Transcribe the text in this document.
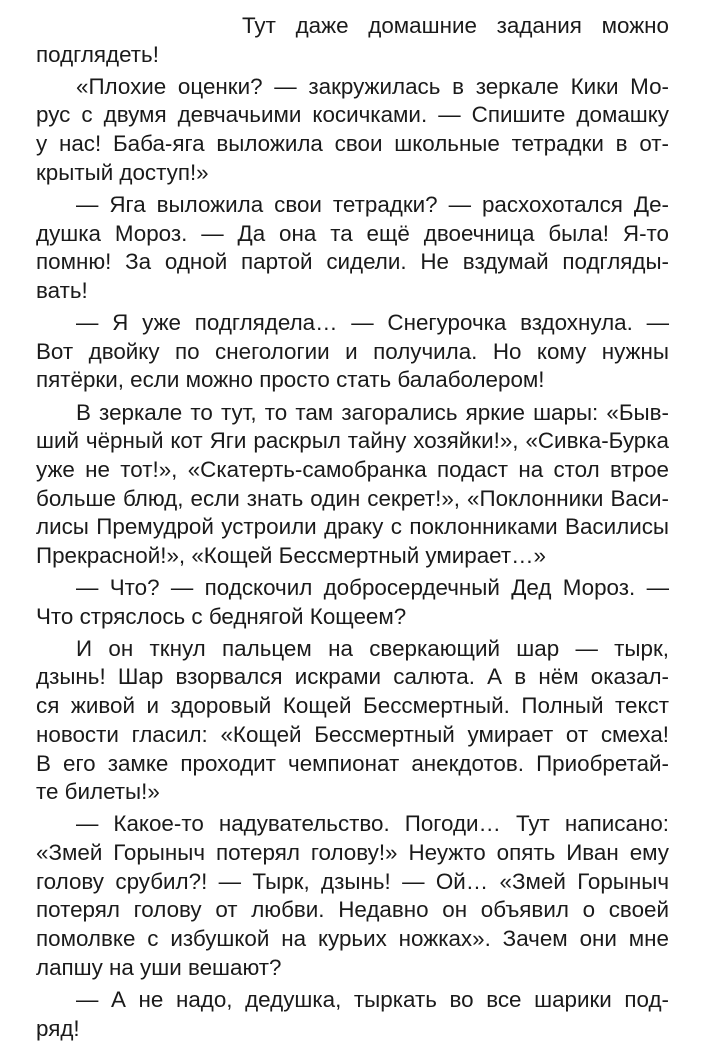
Тут даже домашние задания можно
подглядеть!
«Плохие оценки? — закружилась в зеркале Кики Мо-
рус с двумя девчачьими косичками. — Спишите домашку
у нас! Баба-яга выложила свои школьные тетрадки в от-
крытый доступ!»
— Яга выложила свои тетрадки? — расхохотался Де-
душка Мороз. — Да она та ещё двоечница была! Я-то
помню! За одной партой сидели. Не вздумай подгляды-
вать!
— Я уже подглядела… — Снегурочка вздохнула. —
Вот двойку по снегологии и получила. Но кому нужны
пятёрки, если можно просто стать балаболером!
В зеркале то тут, то там загорались яркие шары: «Быв-
ший чёрный кот Яги раскрыл тайну хозяйки!», «Сивка-Бурка
уже не тот!», «Скатерть-самобранка подаст на стол втрое
больше блюд, если знать один секрет!», «Поклонники Васи-
лисы Премудрой устроили драку с поклонниками Василисы
Прекрасной!», «Кощей Бессмертный умирает…»
— Что? — подскочил добросердечный Дед Мороз. —
Что стряслось с беднягой Кощеем?
И он ткнул пальцем на сверкающий шар — тырк,
дзынь! Шар взорвался искрами салюта. А в нём оказал-
ся живой и здоровый Кощей Бессмертный. Полный текст
новости гласил: «Кощей Бессмертный умирает от смеха!
В его замке проходит чемпионат анекдотов. Приобретай-
те билеты!»
— Какое-то надувательство. Погоди… Тут написано:
«Змей Горыныч потерял голову!» Неужто опять Иван ему
голову срубил?! — Тырк, дзынь! — Ой… «Змей Горыныч
потерял голову от любви. Недавно он объявил о своей
помолвке с избушкой на курьих ножках». Зачем они мне
лапшу на уши вешают?
— А не надо, дедушка, тыркать во все шарики под-
ряд!
